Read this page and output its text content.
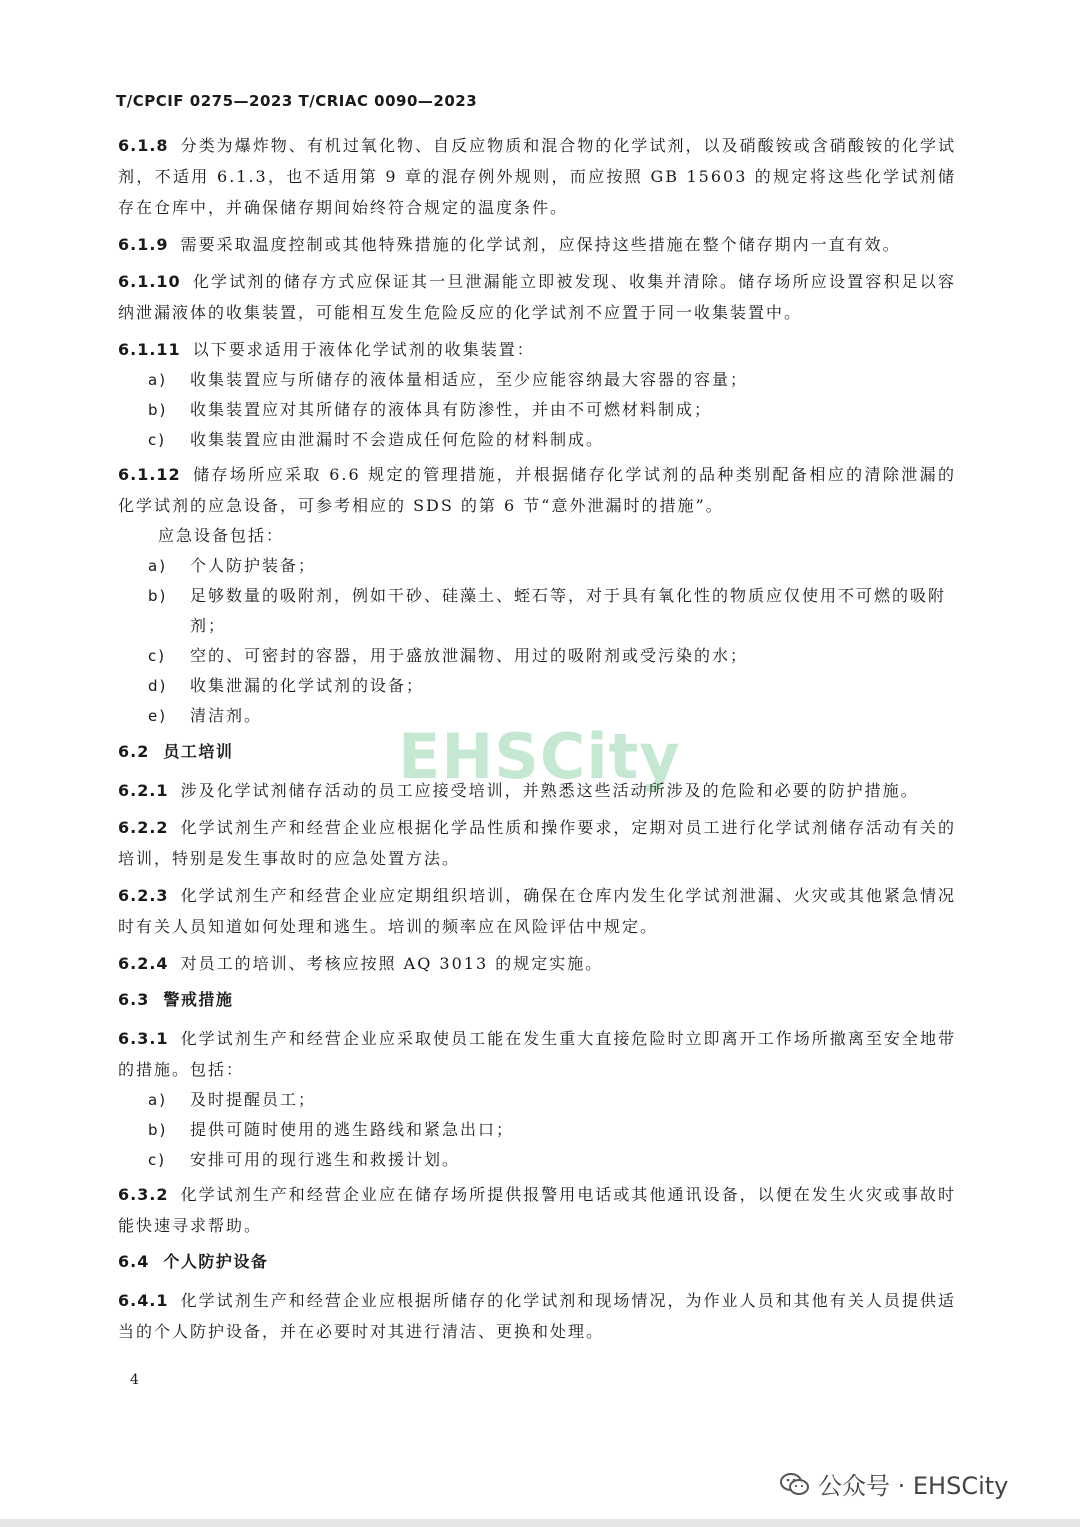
T/CPCIF 0275—2023 T/CRIAC 0090—2023
EHSCity

6.1.8 分类为爆炸物、有机过氧化物、自反应物质和混合物的化学试剂，以及硝酸铵或含硝酸铵的化学试剂，不适用 6.1.3，也不适用第 9 章的混存例外规则，而应按照 GB 15603 的规定将这些化学试剂储存在仓库中，并确保储存期间始终符合规定的温度条件。

6.1.9 需要采取温度控制或其他特殊措施的化学试剂，应保持这些措施在整个储存期内一直有效。

6.1.10 化学试剂的储存方式应保证其一旦泄漏能立即被发现、收集并清除。储存场所应设置容积足以容纳泄漏液体的收集装置，可能相互发生危险反应的化学试剂不应置于同一收集装置中。

6.1.11 以下要求适用于液体化学试剂的收集装置：

a)	收集装置应与所储存的液体量相适应，至少应能容纳最大容器的容量；
b)	收集装置应对其所储存的液体具有防渗性，并由不可燃材料制成；
c)	收集装置应由泄漏时不会造成任何危险的材料制成。

6.1.12 储存场所应采取 6.6 规定的管理措施，并根据储存化学试剂的品种类别配备相应的清除泄漏的化学试剂的应急设备，可参考相应的 SDS 的第 6 节“意外泄漏时的措施”。

应急设备包括：

a)	个人防护装备；
b)	足够数量的吸附剂，例如干砂、硅藻土、蛭石等，对于具有氧化性的物质应仅使用不可燃的吸附剂；
c)	空的、可密封的容器，用于盛放泄漏物、用过的吸附剂或受污染的水；
d)	收集泄漏的化学试剂的设备；
e)	清洁剂。
6.2 员工培训

6.2.1 涉及化学试剂储存活动的员工应接受培训，并熟悉这些活动所涉及的危险和必要的防护措施。

6.2.2 化学试剂生产和经营企业应根据化学品性质和操作要求，定期对员工进行化学试剂储存活动有关的培训，特别是发生事故时的应急处置方法。

6.2.3 化学试剂生产和经营企业应定期组织培训，确保在仓库内发生化学试剂泄漏、火灾或其他紧急情况时有关人员知道如何处理和逃生。培训的频率应在风险评估中规定。

6.2.4 对员工的培训、考核应按照 AQ 3013 的规定实施。

6.3 警戒措施

6.3.1 化学试剂生产和经营企业应采取使员工能在发生重大直接危险时立即离开工作场所撤离至安全地带的措施。包括：

a)	及时提醒员工；
b)	提供可随时使用的逃生路线和紧急出口；
c)	安排可用的现行逃生和救援计划。

6.3.2 化学试剂生产和经营企业应在储存场所提供报警用电话或其他通讯设备，以便在发生火灾或事故时能快速寻求帮助。

6.4 个人防护设备

6.4.1 化学试剂生产和经营企业应根据所储存的化学试剂和现场情况，为作业人员和其他有关人员提供适当的个人防护设备，并在必要时对其进行清洁、更换和处理。

4
公众号 · EHSCity
